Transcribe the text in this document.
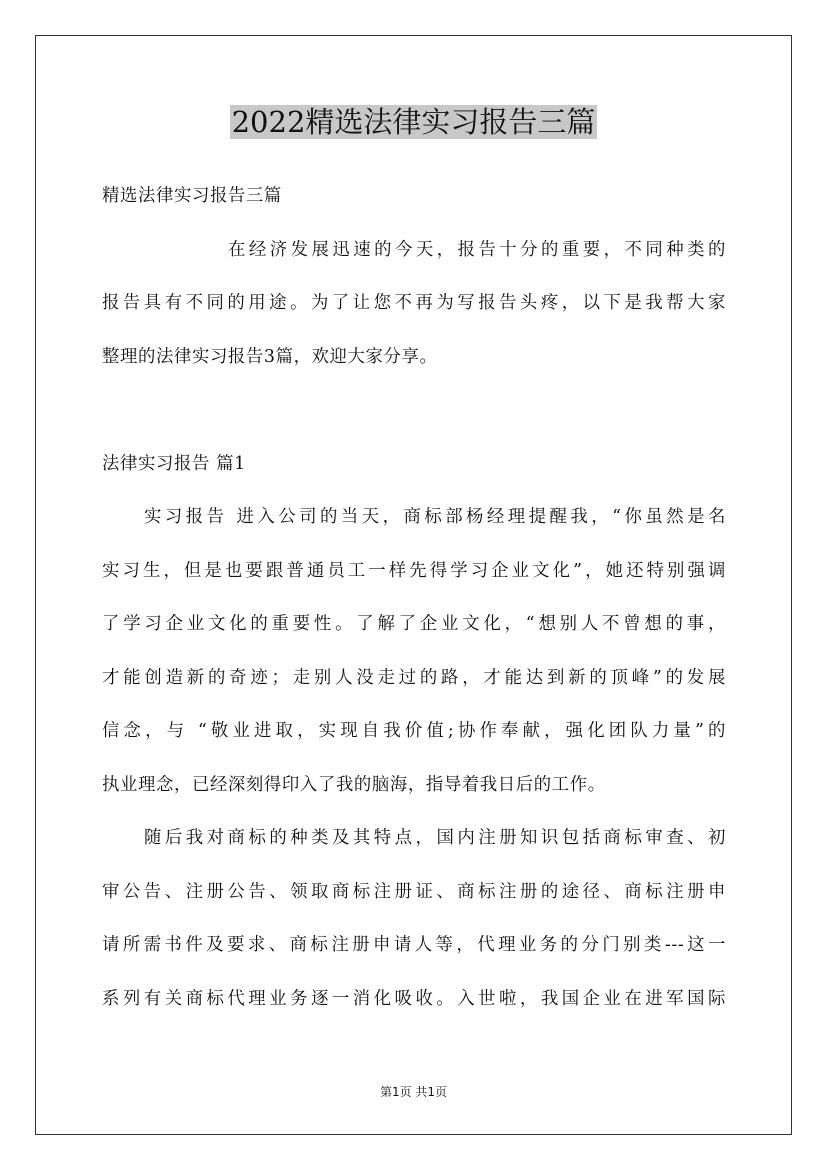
2022精选法律实习报告三篇
精选法律实习报告三篇
在经济发展迅速的今天，报告十分的重要，不同种类的
报告具有不同的用途。为了让您不再为写报告头疼，以下是我帮大家
整理的法律实习报告3篇，欢迎大家分享。
法律实习报告 篇1
实习报告 进入公司的当天，商标部杨经理提醒我，“你虽然是名
实习生，但是也要跟普通员工一样先得学习企业文化”，她还特别强调
了学习企业文化的重要性。了解了企业文化，“想别人不曾想的事，
才能创造新的奇迹；走别人没走过的路，才能达到新的顶峰”的发展
信念，与 “敬业进取，实现自我价值;协作奉献，强化团队力量”的
执业理念，已经深刻得印入了我的脑海，指导着我日后的工作。
随后我对商标的种类及其特点，国内注册知识包括商标审查、初
审公告、注册公告、领取商标注册证、商标注册的途径、商标注册申
请所需书件及要求、商标注册申请人等，代理业务的分门别类---这一
系列有关商标代理业务逐一消化吸收。入世啦，我国企业在进军国际
第1页 共1页
